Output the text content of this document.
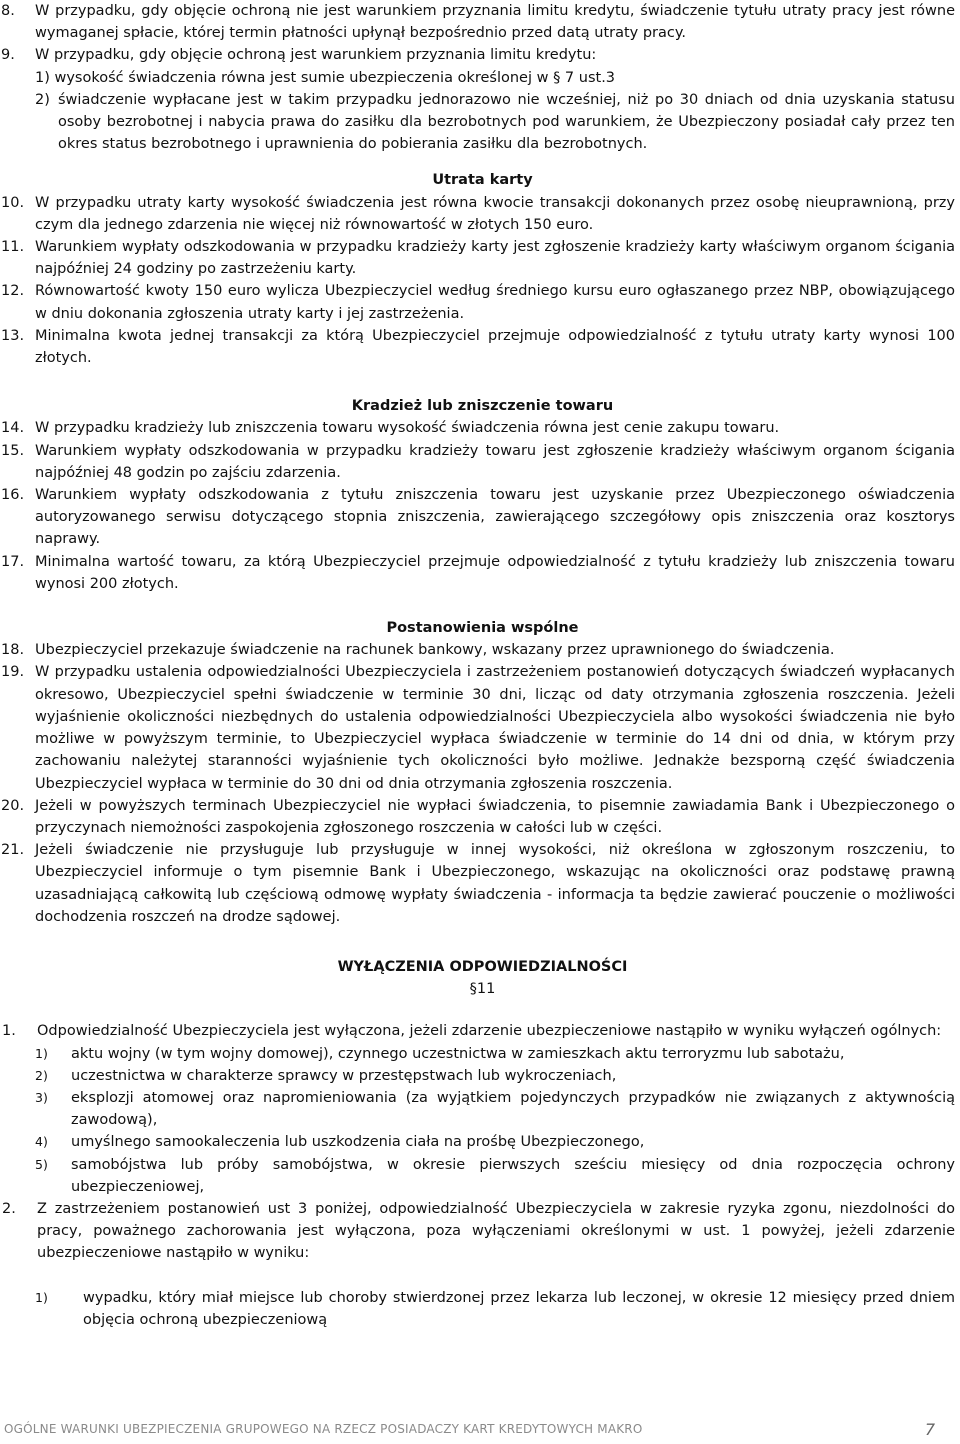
8. W przypadku, gdy objęcie ochroną nie jest warunkiem przyznania limitu kredytu, świadczenie tytułu utraty pracy jest równe wymaganej spłacie, której termin płatności upłynął bezpośrednio przed datą utraty pracy.
9. W przypadku, gdy objęcie ochroną jest warunkiem przyznania limitu kredytu:
1) wysokość świadczenia równa jest sumie ubezpieczenia określonej w § 7 ust.3
2) świadczenie wypłacane jest w takim przypadku jednorazowo nie wcześniej, niż po 30 dniach od dnia uzyskania statusu osoby bezrobotnej i nabycia prawa do zasiłku dla bezrobotnych pod warunkiem, że Ubezpieczony posiadał cały przez ten okres status bezrobotnego i uprawnienia do pobierania zasiłku dla bezrobotnych.
Utrata karty
10. W przypadku utraty karty wysokość świadczenia jest równa kwocie transakcji dokonanych przez osobę nieuprawnioną, przy czym dla jednego zdarzenia nie więcej niż równowartość w złotych 150 euro.
11. Warunkiem wypłaty odszkodowania w przypadku kradzieży karty jest zgłoszenie kradzieży karty właściwym organom ścigania najpóźniej 24 godziny po zastrzeżeniu karty.
12. Równowartość kwoty 150 euro wylicza Ubezpieczyciel według średniego kursu euro ogłaszanego przez NBP, obowiązującego w dniu dokonania zgłoszenia utraty karty i jej zastrzeżenia.
13. Minimalna kwota jednej transakcji za którą Ubezpieczyciel przejmuje odpowiedzialność z tytułu utraty karty wynosi 100 złotych.
Kradzież lub zniszczenie towaru
14. W przypadku kradzieży lub zniszczenia towaru wysokość świadczenia równa jest cenie zakupu towaru.
15. Warunkiem wypłaty odszkodowania w przypadku kradzieży towaru jest zgłoszenie kradzieży właściwym organom ścigania najpóźniej 48 godzin po zajściu zdarzenia.
16. Warunkiem wypłaty odszkodowania z tytułu zniszczenia towaru jest uzyskanie przez Ubezpieczonego oświadczenia autoryzowanego serwisu dotyczącego stopnia zniszczenia, zawierającego szczegółowy opis zniszczenia oraz kosztorys naprawy.
17. Minimalna wartość towaru, za którą Ubezpieczyciel przejmuje odpowiedzialność z tytułu kradzieży lub zniszczenia towaru wynosi 200 złotych.
Postanowienia wspólne
18. Ubezpieczyciel przekazuje świadczenie na rachunek bankowy, wskazany przez uprawnionego do świadczenia.
19. W przypadku ustalenia odpowiedzialności Ubezpieczyciela i zastrzeżeniem postanowień dotyczących świadczeń wypłacanych okresowo, Ubezpieczyciel spełni świadczenie w terminie 30 dni, licząc od daty otrzymania zgłoszenia roszczenia. Jeżeli wyjaśnienie okoliczności niezbędnych do ustalenia odpowiedzialności Ubezpieczyciela albo wysokości świadczenia nie było możliwe w powyższym terminie, to Ubezpieczyciel wypłaca świadczenie w terminie do 14 dni od dnia, w którym przy zachowaniu należytej staranności wyjaśnienie tych okoliczności było możliwe. Jednakże bezsporną część świadczenia Ubezpieczyciel wypłaca w terminie do 30 dni od dnia otrzymania zgłoszenia roszczenia.
20. Jeżeli w powyższych terminach Ubezpieczyciel nie wypłaci świadczenia, to pisemnie zawiadamia Bank i Ubezpieczonego o przyczynach niemożności zaspokojenia zgłoszonego roszczenia w całości lub w części.
21. Jeżeli świadczenie nie przysługuje lub przysługuje w innej wysokości, niż określona w zgłoszonym roszczeniu, to Ubezpieczyciel informuje o tym pisemnie Bank i Ubezpieczonego, wskazując na okoliczności oraz podstawę prawną uzasadniającą całkowitą lub częściową odmowę wypłaty świadczenia - informacja ta będzie zawierać pouczenie o możliwości dochodzenia roszczeń na drodze sądowej.
WYŁĄCZENIA ODPOWIEDZIALNOŚCI
§11
1. Odpowiedzialność Ubezpieczyciela jest wyłączona, jeżeli zdarzenie ubezpieczeniowe nastąpiło w wyniku wyłączeń ogólnych:
1) aktu wojny (w tym wojny domowej), czynnego uczestnictwa w zamieszkach aktu terroryzmu lub sabotażu,
2) uczestnictwa w charakterze sprawcy w przestępstwach lub wykroczeniach,
3) eksplozji atomowej oraz napromieniowania (za wyjątkiem pojedynczych przypadków nie związanych z aktywnością zawodową),
4) umyślnego samookaleczenia lub uszkodzenia ciała na prośbę Ubezpieczonego,
5) samobójstwa lub próby samobójstwa, w okresie pierwszych sześciu miesięcy od dnia rozpoczęcia ochrony ubezpieczeniowej,
2. Z zastrzeżeniem postanowień ust 3 poniżej, odpowiedzialność Ubezpieczyciela w zakresie ryzyka zgonu, niezdolności do pracy, poważnego zachorowania jest wyłączona, poza wyłączeniami określonymi w ust. 1 powyżej, jeżeli zdarzenie ubezpieczeniowe nastąpiło w wyniku:
1) wypadku, który miał miejsce lub choroby stwierdzonej przez lekarza lub leczonej, w okresie 12 miesięcy przed dniem objęcia ochroną ubezpieczeniową
OGÓLNE WARUNKI UBEZPIECZENIA GRUPOWEGO NA RZECZ POSIADACZY KART KREDYTOWYCH MAKRO	7
